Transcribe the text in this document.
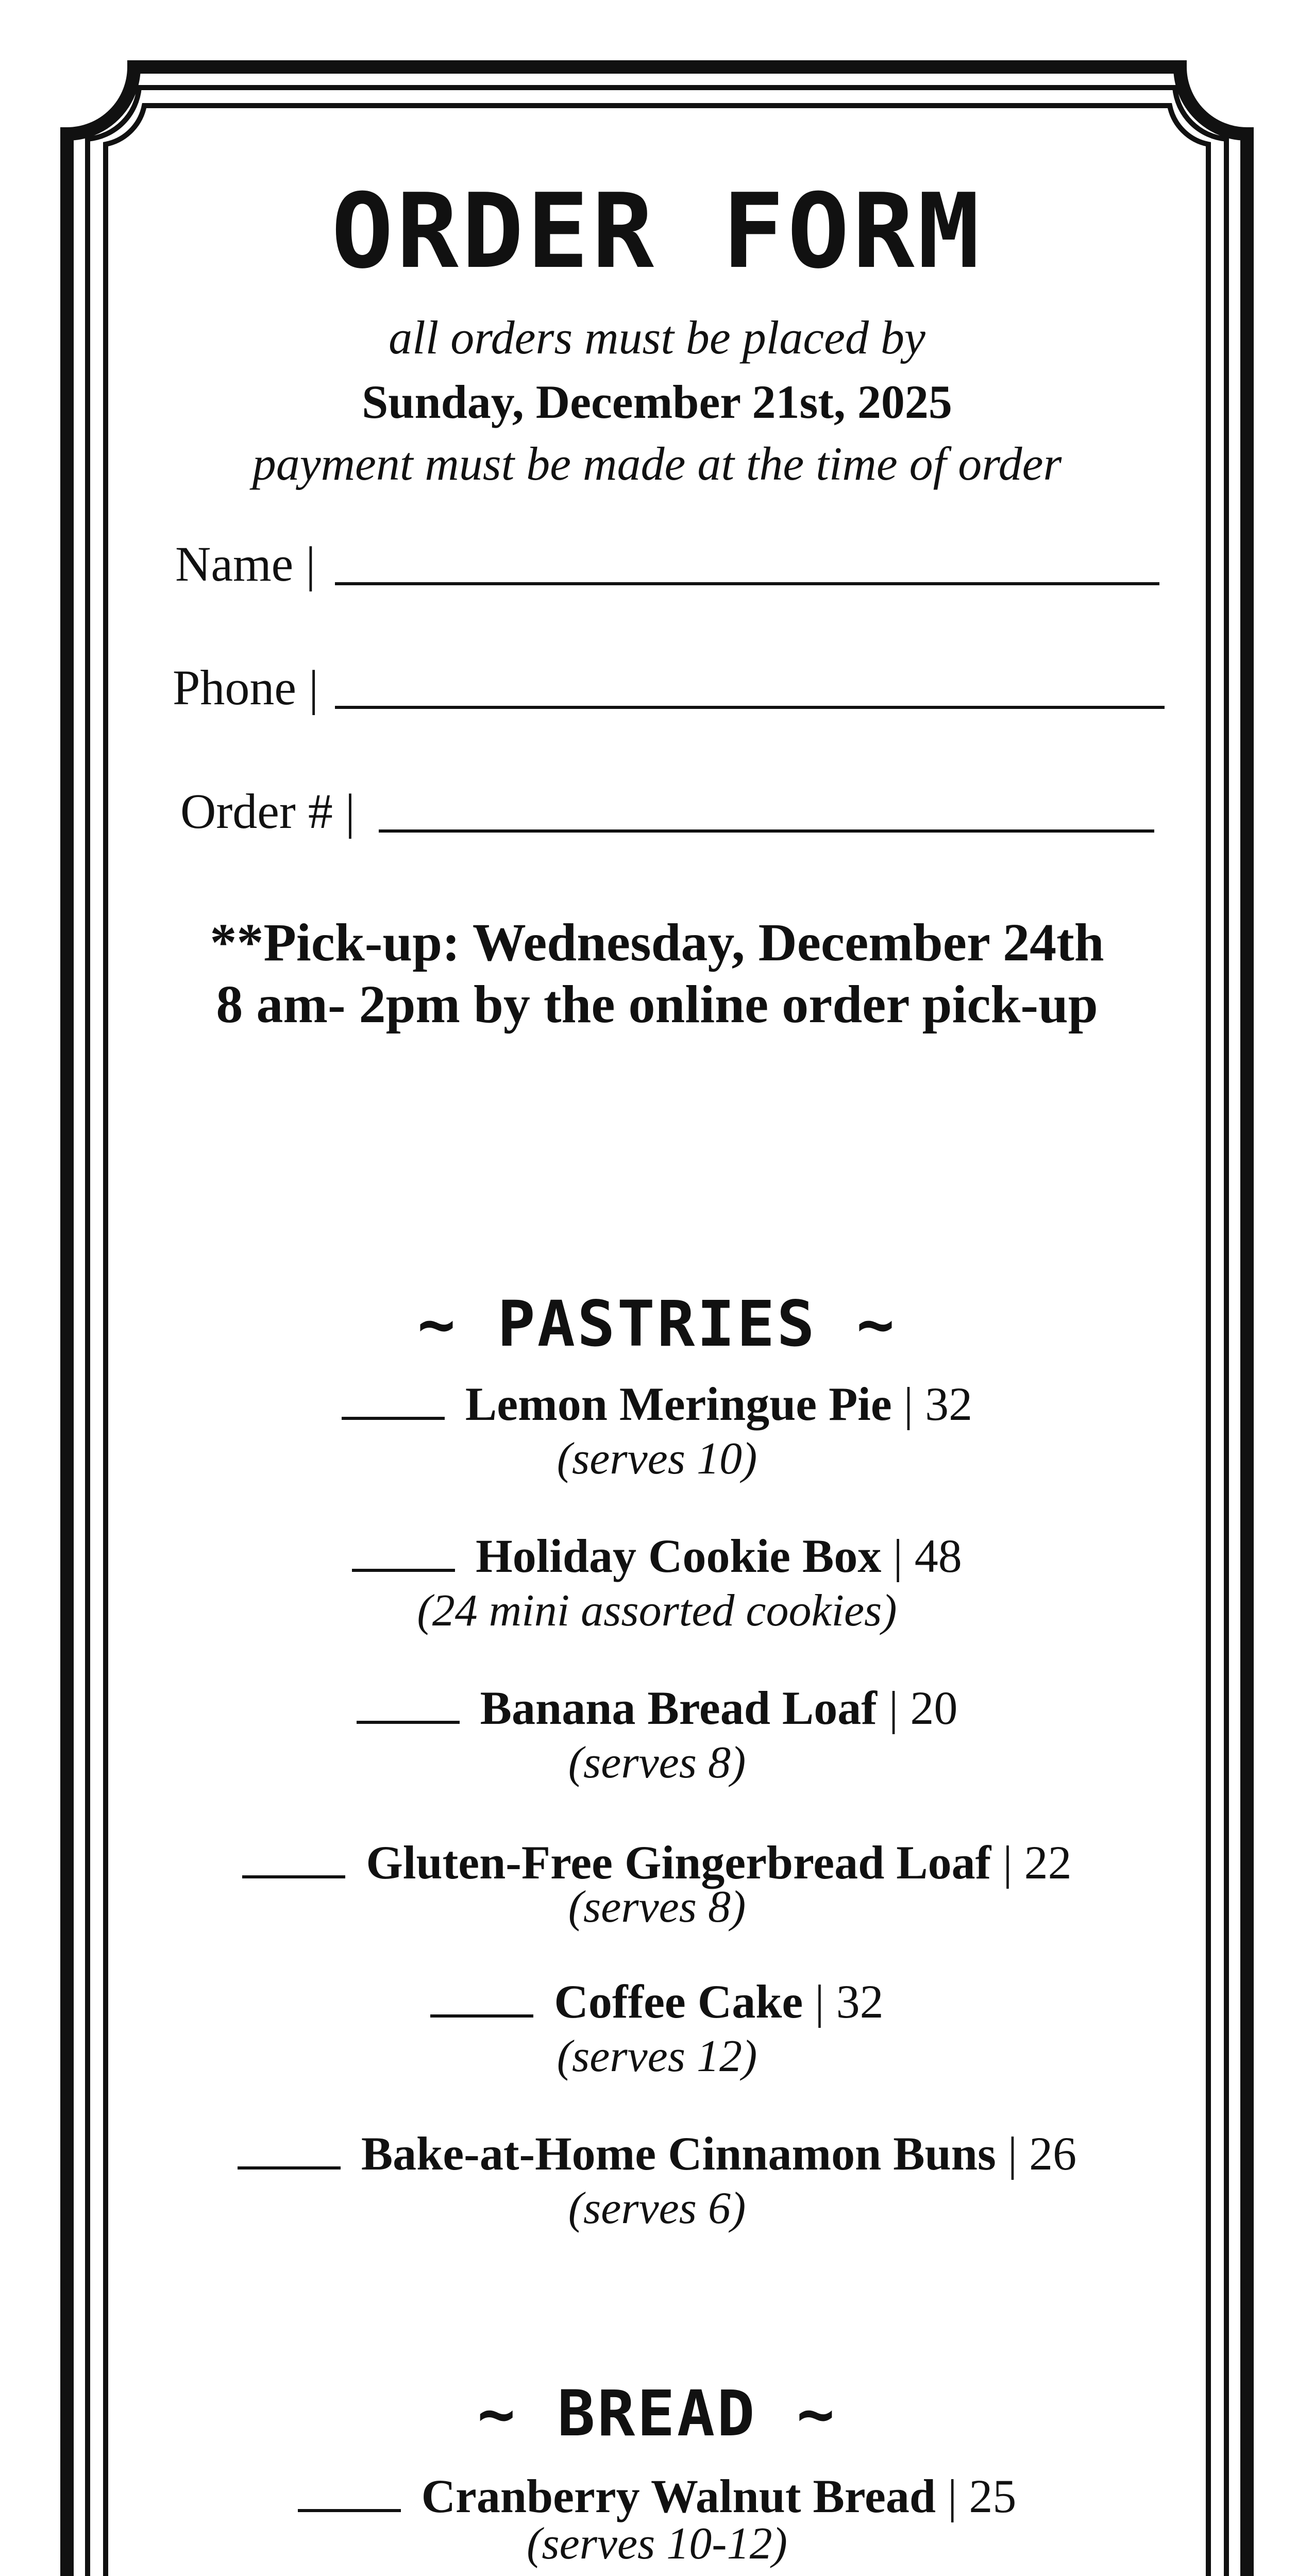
ORDER FORM
all orders must be placed by
Sunday, December 21st, 2025
payment must be made at the time of order
Name |
Phone |
Order # |
**Pick-up: Wednesday, December 24th
8 am- 2pm by the online order pick-up
~ PASTRIES ~
Lemon Meringue Pie | 32
(serves 10)
Holiday Cookie Box | 48
(24 mini assorted cookies)
Banana Bread Loaf | 20
(serves 8)
Gluten-Free Gingerbread Loaf | 22
(serves 8)
Coffee Cake | 32
(serves 12)
Bake-at-Home Cinnamon Buns | 26
(serves 6)
~ BREAD ~
Cranberry Walnut Bread | 25
(serves 10-12)
